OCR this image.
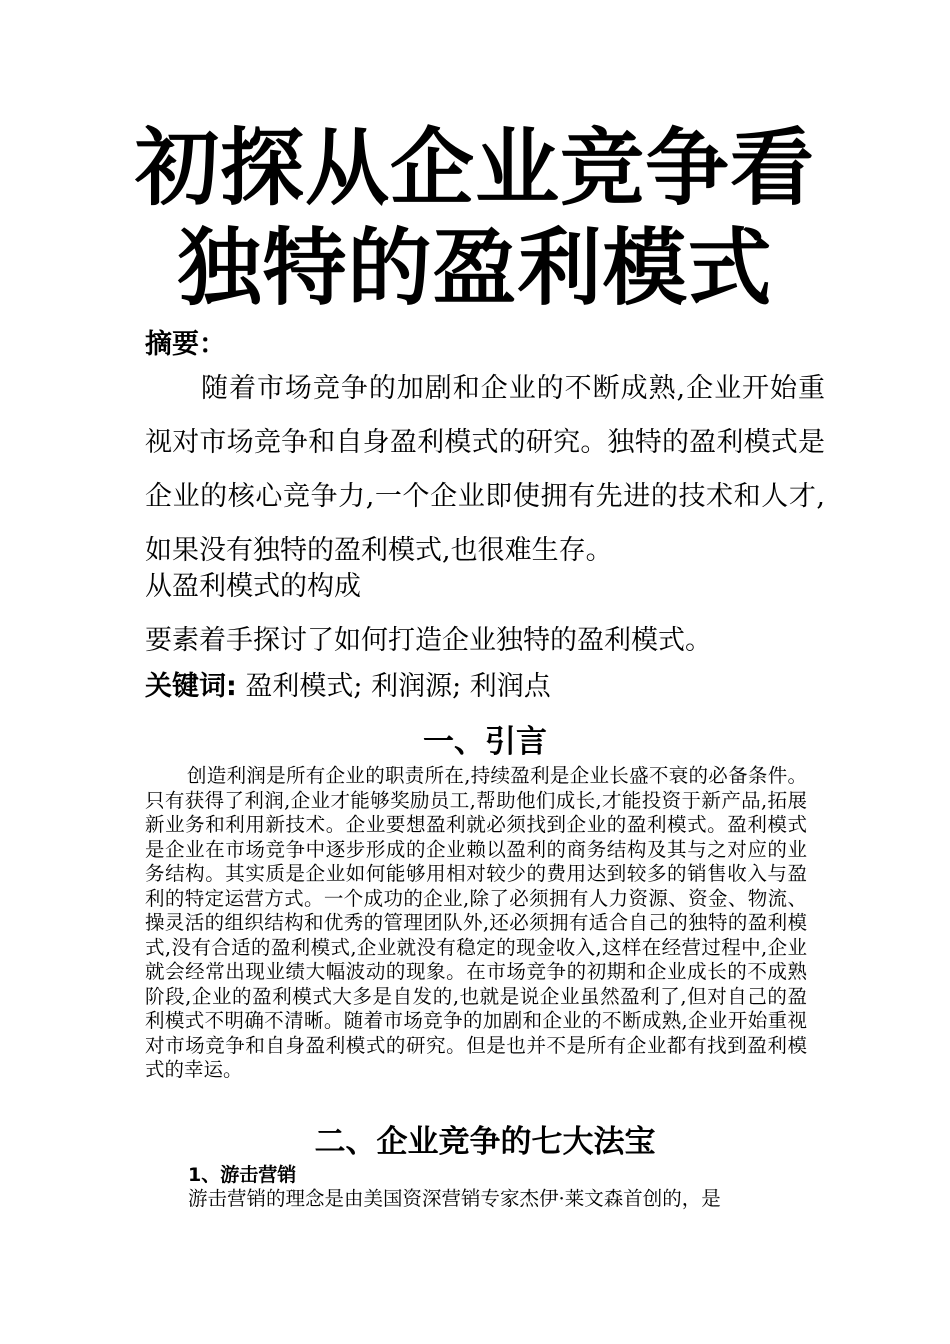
初探从企业竞争看
独特的盈利模式

摘要：

随着市场竞争的加剧和企业的不断成熟,企业开始重视对市场竞争和自身盈利模式的研究。独特的盈利模式是企业的核心竞争力,一个企业即使拥有先进的技术和人才,如果没有独特的盈利模式,也很难生存。

从盈利模式的构成

要素着手探讨了如何打造企业独特的盈利模式。

关键词: 盈利模式; 利润源; 利润点

一、引言

创造利润是所有企业的职责所在,持续盈利是企业长盛不衰的必备条件。只有获得了利润,企业才能够奖励员工,帮助他们成长,才能投资于新产品,拓展新业务和利用新技术。企业要想盈利就必须找到企业的盈利模式。盈利模式是企业在市场竞争中逐步形成的企业赖以盈利的商务结构及其与之对应的业务结构。其实质是企业如何能够用相对较少的费用达到较多的销售收入与盈利的特定运营方式。一个成功的企业,除了必须拥有人力资源、资金、物流、操灵活的组织结构和优秀的管理团队外,还必须拥有适合自己的独特的盈利模式,没有合适的盈利模式,企业就没有稳定的现金收入,这样在经营过程中,企业就会经常出现业绩大幅波动的现象。在市场竞争的初期和企业成长的不成熟阶段,企业的盈利模式大多是自发的,也就是说企业虽然盈利了,但对自己的盈利模式不明确不清晰。随着市场竞争的加剧和企业的不断成熟,企业开始重视对市场竞争和自身盈利模式的研究。但是也并不是所有企业都有找到盈利模式的幸运。

二、企业竞争的七大法宝

1、游击营销

游击营销的理念是由美国资深营销专家杰伊·莱文森首创的，是
